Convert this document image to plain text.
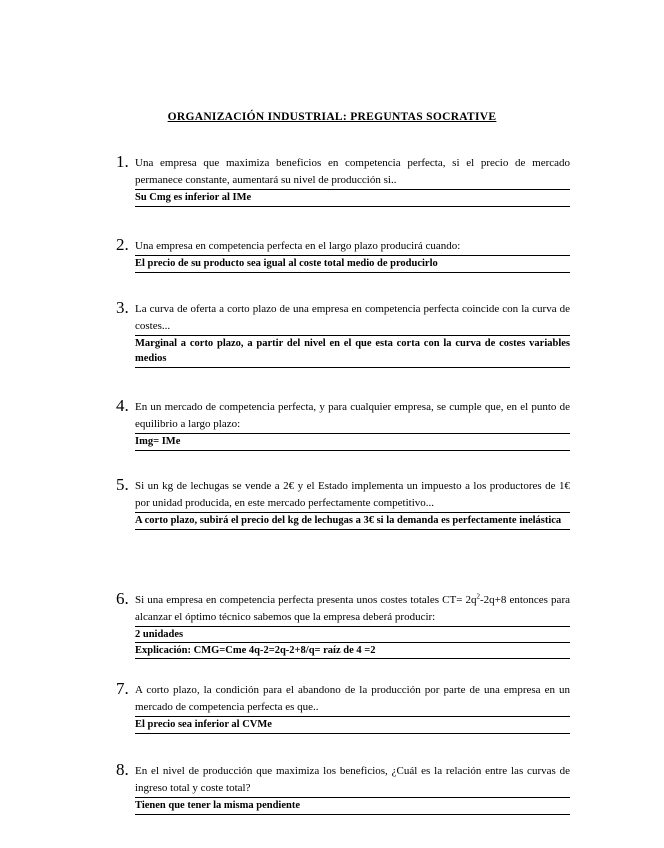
ORGANIZACIÓN INDUSTRIAL: PREGUNTAS SOCRATIVE
1. Una empresa que maximiza beneficios en competencia perfecta, si el precio de mercado permanece constante, aumentará su nivel de producción si..
Su Cmg es inferior al IMe
2. Una empresa en competencia perfecta en el largo plazo producirá cuando:
El precio de su producto sea igual al coste total medio de producirlo
3. La curva de oferta a corto plazo de una empresa en competencia perfecta coincide con la curva de costes...
Marginal a corto plazo, a partir del nivel en el que esta corta con la curva de costes variables medios
4. En un mercado de competencia perfecta, y para cualquier empresa, se cumple que, en el punto de equilibrio a largo plazo:
Img= IMe
5. Si un kg de lechugas se vende a 2€ y el Estado implementa un impuesto a los productores de 1€ por unidad producida, en este mercado perfectamente competitivo...
A corto plazo, subirá el precio del kg de lechugas a 3€ si la demanda es perfectamente inelástica
6. Si una empresa en competencia perfecta presenta unos costes totales $CT= 2q^2-2q+8$ entonces para alcanzar el óptimo técnico sabemos que la empresa deberá producir:
2 unidades
Explicación: CMG=Cme 4q-2=2q-2+8/q= raíz de 4 =2
7. A corto plazo, la condición para el abandono de la producción por parte de una empresa en un mercado de competencia perfecta es que..
El precio sea inferior al CVMe
8. En el nivel de producción que maximiza los beneficios, ¿Cuál es la relación entre las curvas de ingreso total y coste total?
Tienen que tener la misma pendiente
